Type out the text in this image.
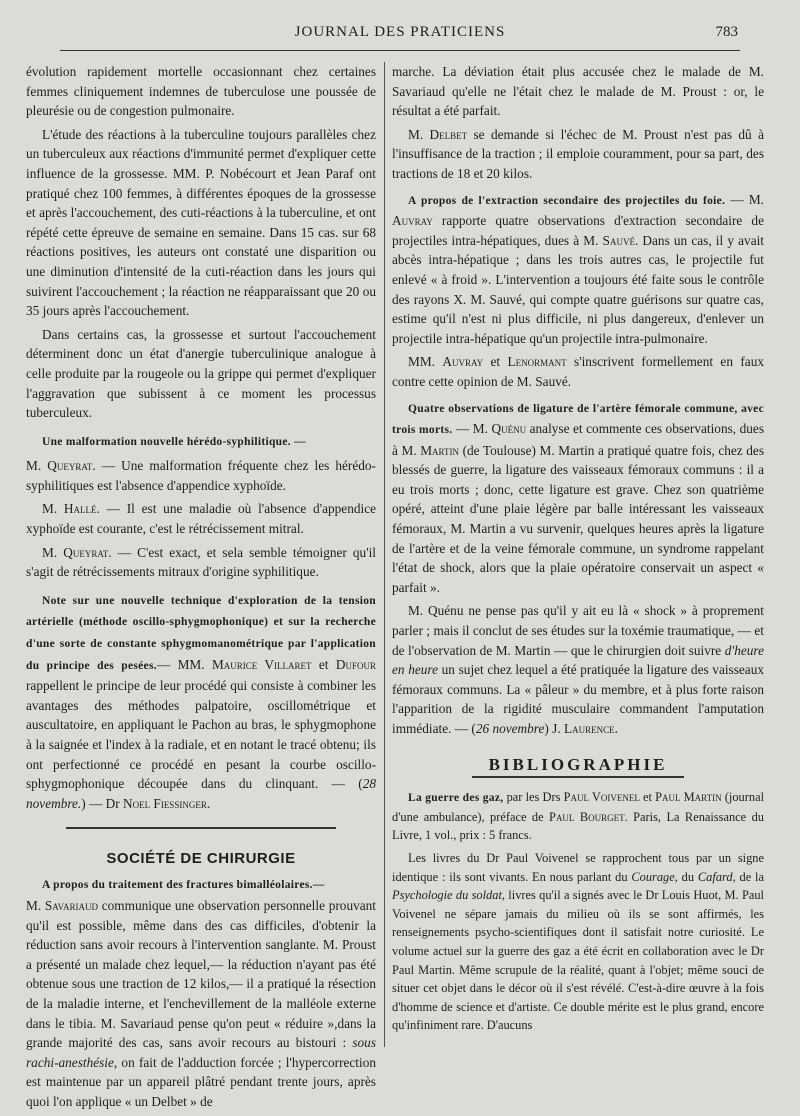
JOURNAL DES PRATICIENS	783

évolution rapidement mortelle occasionnant chez certaines femmes cliniquement indemnes de tuberculose une poussée de pleurésie ou de congestion pulmonaire.

L'étude des réactions à la tuberculine toujours parallèles chez un tuberculeux aux réactions d'immunité permet d'expliquer cette influence de la grossesse. MM. P. Nobécourt et Jean Paraf ont pratiqué chez 100 femmes, à différentes époques de la grossesse et après l'accouchement, des cuti-réactions à la tuberculine, et ont répété cette épreuve de semaine en semaine. Dans 15 cas. sur 68 réactions positives, les auteurs ont constaté une disparition ou une diminution d'intensité de la cuti-réaction dans les jours qui suivirent l'accouchement ; la réaction ne réapparaissant que 20 ou 35 jours après l'accouchement.

Dans certains cas, la grossesse et surtout l'accouchement déterminent donc un état d'anergie tuberculinique analogue à celle produite par la rougeole ou la grippe qui permet d'expliquer l'aggravation que subissent à ce moment les processus tuberculeux.

Une malformation nouvelle hérédo-syphilitique. —

M. Queyrat. — Une malformation fréquente chez les hérédo-syphilitiques est l'absence d'appendice xyphoïde.

M. Hallé. — Il est une maladie où l'absence d'appendice xyphoïde est courante, c'est le rétrécissement mitral.

M. Queyrat. — C'est exact, et sela semble témoigner qu'il s'agit de rétrécissements mitraux d'origine syphilitique.

Note sur une nouvelle technique d'exploration de la tension artérielle (méthode oscillo-sphygmophonique) et sur la recherche d'une sorte de constante sphygmomanométrique par l'application du principe des pesées.— MM. Maurice Villaret et Dufour rappellent le principe de leur procédé qui consiste à combiner les avantages des méthodes palpatoire, oscillométrique et auscultatoire, en appliquant le Pachon au bras, le sphygmophone à la saignée et l'index à la radiale, et en notant le tracé obtenu; ils ont perfectionné ce procédé en pesant la courbe oscillo-sphygmophonique découpée dans du clinquant. — (28 novembre.) — Dr Noel Fiessinger.

SOCIÉTÉ DE CHIRURGIE

A propos du traitement des fractures bimalléolaires.—
M. Savariaud communique une observation personnelle prouvant qu'il est possible, même dans des cas difficiles, d'obtenir la réduction sans avoir recours à l'intervention sanglante. M. Proust a présenté un malade chez lequel,— la réduction n'ayant pas été obtenue sous une traction de 12 kilos,— il a pratiqué la résection de la maladie interne, et l'enchevillement de la malléole externe dans le tibia. M. Savariaud pense qu'on peut « réduire »,dans la grande majorité des cas, sans avoir recours au bistouri : sous rachi-anesthésie, on fait de l'adduction forcée ; l'hypercorrection est maintenue par un appareil plâtré pendant trente jours, après quoi l'on applique « un Delbet » de

marche. La déviation était plus accusée chez le malade de M. Savariaud qu'elle ne l'était chez le malade de M. Proust : or, le résultat a été parfait.

M. Delbet se demande si l'échec de M. Proust n'est pas dû à l'insuffisance de la traction ; il emploie couramment, pour sa part, des tractions de 18 et 20 kilos.

A propos de l'extraction secondaire des projectiles du foie. — M. Auvray rapporte quatre observations d'extraction secondaire de projectiles intra-hépatiques, dues à M. Sauvé. Dans un cas, il y avait abcès intra-hépatique ; dans les trois autres cas, le projectile fut enlevé « à froid ». L'intervention a toujours été faite sous le contrôle des rayons X. M. Sauvé, qui compte quatre guérisons sur quatre cas, estime qu'il n'est ni plus difficile, ni plus dangereux, d'enlever un projectile intra-hépatique qu'un projectile intra-pulmonaire.

MM. Auvray et Lenormant s'inscrivent formellement en faux contre cette opinion de M. Sauvé.

Quatre observations de ligature de l'artère fémorale commune, avec trois morts. — M. Quénu analyse et commente ces observations, dues à M. Martin (de Toulouse) M. Martin a pratiqué quatre fois, chez des blessés de guerre, la ligature des vaisseaux fémoraux communs : il a eu trois morts ; donc, cette ligature est grave. Chez son quatrième opéré, atteint d'une plaie légère par balle intéressant les vaisseaux fémoraux, M. Martin a vu survenir, quelques heures après la ligature de l'artère et de la veine fémorale commune, un syndrome rappelant l'état de shock, alors que la plaie opératoire conservait un aspect « parfait ».

M. Quénu ne pense pas qu'il y ait eu là « shock » à proprement parler ; mais il conclut de ses études sur la toxémie traumatique, — et de l'observation de M. Martin — que le chirurgien doit suivre d'heure en heure un sujet chez lequel a été pratiquée la ligature des vaisseaux fémoraux communs. La « pâleur » du membre, et à plus forte raison l'apparition de la rigidité musculaire commandent l'amputation immédiate. — (26 novembre) J. Laurence.

BIBLIOGRAPHIE

La guerre des gaz, par les Drs Paul Voivenel et Paul Martin (journal d'une ambulance), préface de Paul Bourget. Paris, La Renaissance du Livre, 1 vol., prix : 5 francs.

Les livres du Dr Paul Voivenel se rapprochent tous par un signe identique : ils sont vivants. En nous parlant du Courage, du Cafard, de la Psychologie du soldat, livres qu'il a signés avec le Dr Louis Huot, M. Paul Voivenel ne sépare jamais du milieu où ils se sont affirmés, les renseignements psycho-scientifiques dont il satisfait notre curiosité. Le volume actuel sur la guerre des gaz a été écrit en collaboration avec le Dr Paul Martin. Même scrupule de la réalité, quant à l'objet; même souci de situer cet objet dans le décor où il s'est révélé. C'est-à-dire œuvre à la fois d'homme de science et d'artiste. Ce double mérite est le plus grand, encore qu'infiniment rare. D'aucuns
